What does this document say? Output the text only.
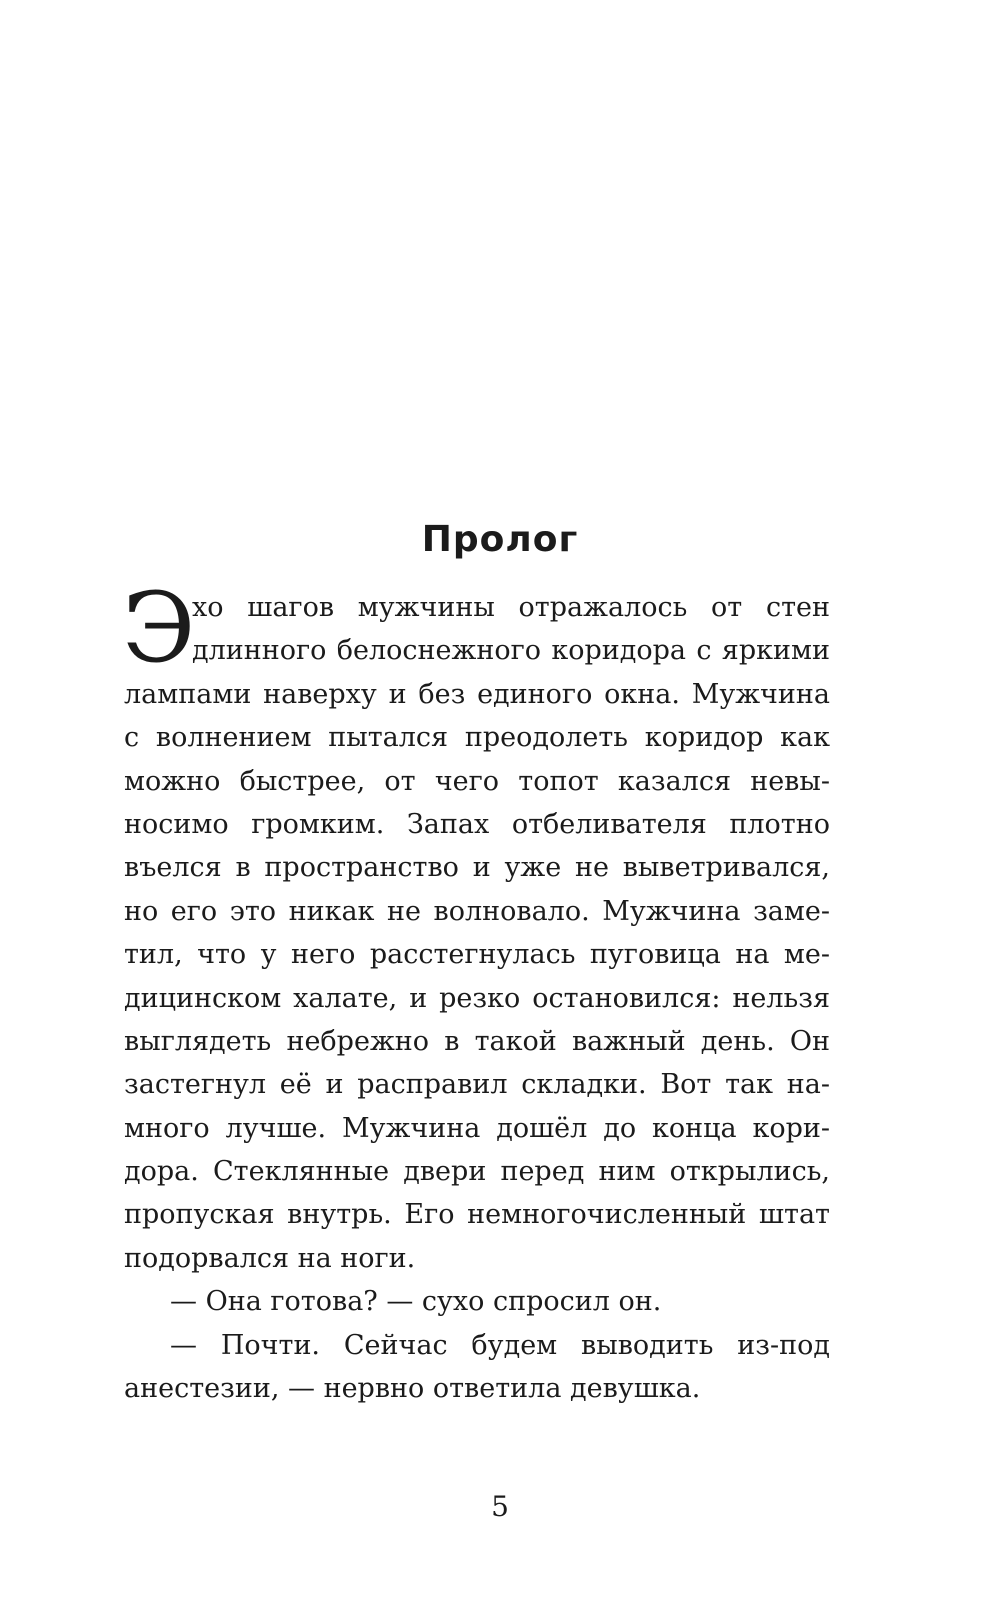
Пролог
Э
хо шагов мужчины отражалось от стен
длинного белоснежного коридора с яркими
лампами наверху и без единого окна. Мужчина
с волнением пытался преодолеть коридор как
можно быстрее, от чего топот казался невы-
носимо громким. Запах отбеливателя плотно
въелся в пространство и уже не выветривался,
но его это никак не волновало. Мужчина заме-
тил, что у него расстегнулась пуговица на ме-
дицинском халате, и резко остановился: нельзя
выглядеть небрежно в такой важный день. Он
застегнул её и расправил складки. Вот так на-
много лучше. Мужчина дошёл до конца кори-
дора. Стеклянные двери перед ним открылись,
пропуская внутрь. Его немногочисленный штат
подорвался на ноги.
— Она готова? — сухо спросил он.
— Почти. Сейчас будем выводить из-под
анестезии, — нервно ответила девушка.
5
